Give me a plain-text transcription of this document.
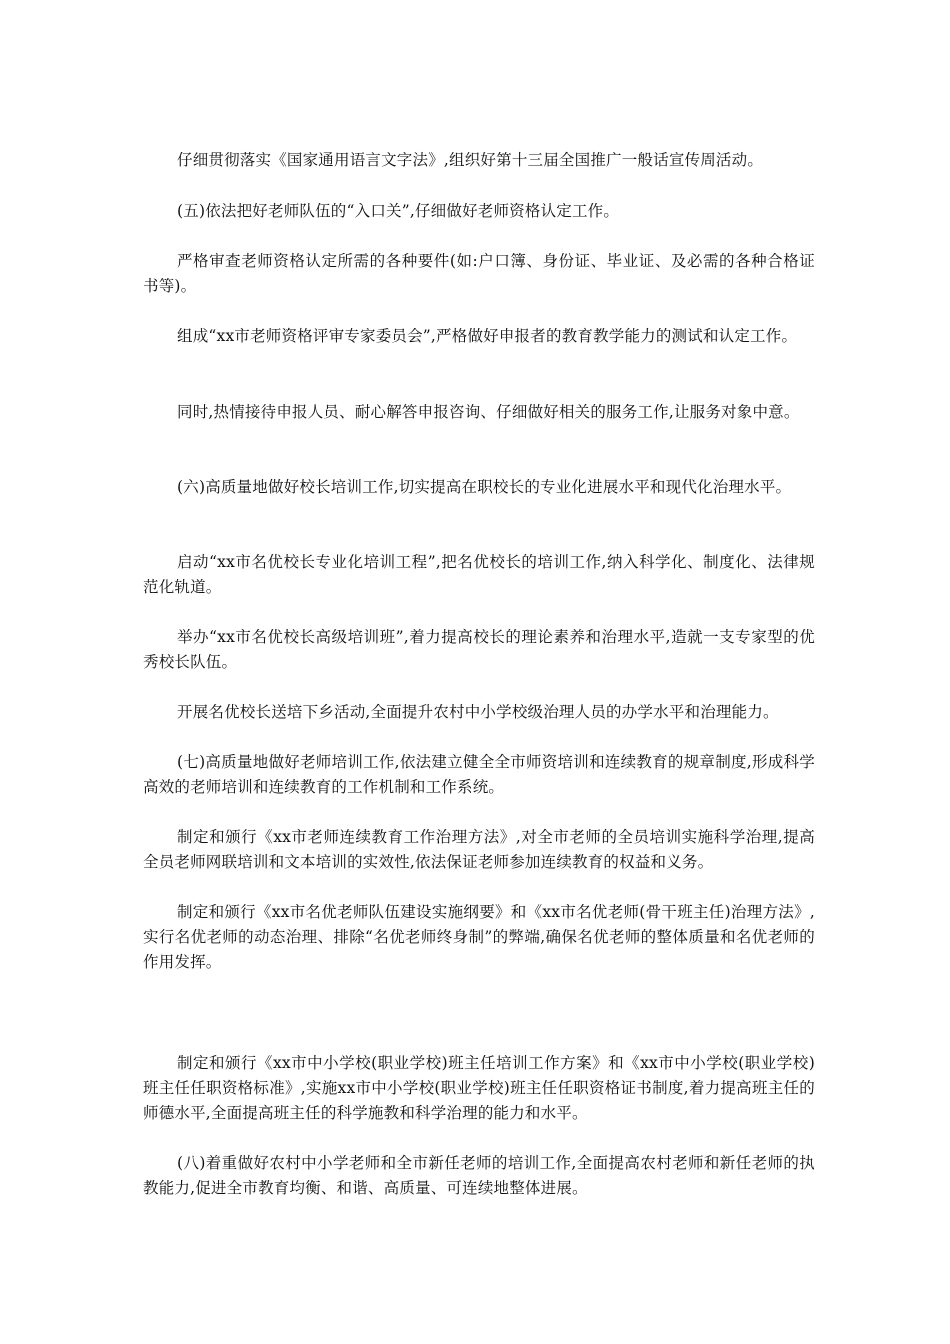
仔细贯彻落实《国家通用语言文字法》,组织好第十三届全国推广一般话宣传周活动。

(五)依法把好老师队伍的“入口关”,仔细做好老师资格认定工作。

严格审查老师资格认定所需的各种要件(如:户口簿、身份证、毕业证、及必需的各种合格证书等)。

组成“xx市老师资格评审专家委员会”,严格做好申报者的教育教学能力的测试和认定工作。

同时,热情接待申报人员、耐心解答申报咨询、仔细做好相关的服务工作,让服务对象中意。

(六)高质量地做好校长培训工作,切实提高在职校长的专业化进展水平和现代化治理水平。

启动“xx市名优校长专业化培训工程”,把名优校长的培训工作,纳入科学化、制度化、法律规范化轨道。

举办“xx市名优校长高级培训班”,着力提高校长的理论素养和治理水平,造就一支专家型的优秀校长队伍。

开展名优校长送培下乡活动,全面提升农村中小学校级治理人员的办学水平和治理能力。

(七)高质量地做好老师培训工作,依法建立健全全市师资培训和连续教育的规章制度,形成科学高效的老师培训和连续教育的工作机制和工作系统。

制定和颁行《xx市老师连续教育工作治理方法》,对全市老师的全员培训实施科学治理,提高全员老师网联培训和文本培训的实效性,依法保证老师参加连续教育的权益和义务。

制定和颁行《xx市名优老师队伍建设实施纲要》和《xx市名优老师(骨干班主任)治理方法》,实行名优老师的动态治理、排除“名优老师终身制”的弊端,确保名优老师的整体质量和名优老师的作用发挥。

制定和颁行《xx市中小学校(职业学校)班主任培训工作方案》和《xx市中小学校(职业学校)班主任任职资格标准》,实施xx市中小学校(职业学校)班主任任职资格证书制度,着力提高班主任的师德水平,全面提高班主任的科学施教和科学治理的能力和水平。

(八)着重做好农村中小学老师和全市新任老师的培训工作,全面提高农村老师和新任老师的执教能力,促进全市教育均衡、和谐、高质量、可连续地整体进展。
